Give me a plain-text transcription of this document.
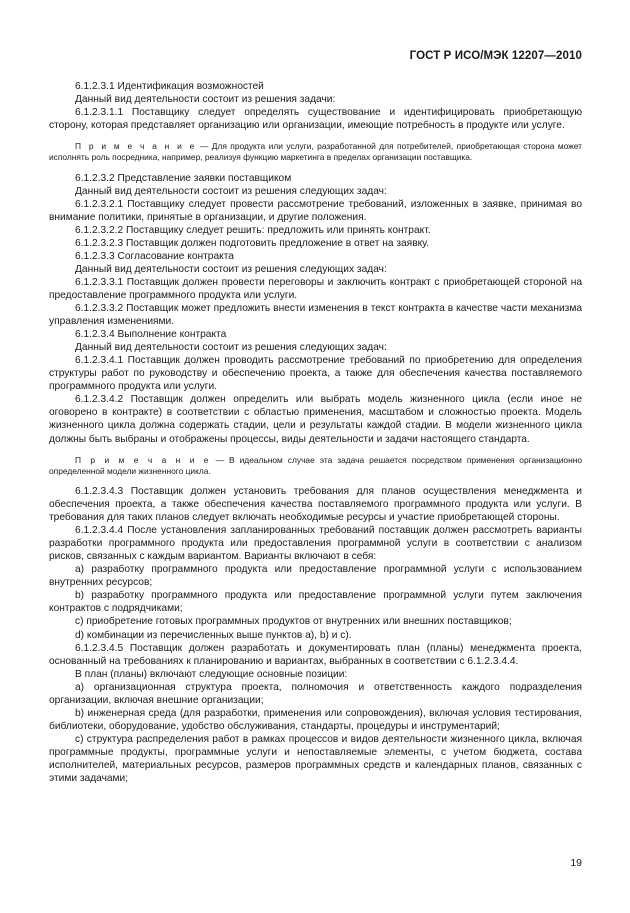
ГОСТ Р ИСО/МЭК 12207—2010

6.1.2.3.1 Идентификация возможностей

Данный вид деятельности состоит из решения задачи:

6.1.2.3.1.1 Поставщику следует определять существование и идентифицировать приобретающую сторону, которая представляет организацию или организации, имеющие потребность в продукте или услуге.

П р и м е ч а н и е — Для продукта или услуги, разработанной для потребителей, приобретающая сторона может исполнять роль посредника, например, реализуя функцию маркетинга в пределах организации поставщика.

6.1.2.3.2 Представление заявки поставщиком

Данный вид деятельности состоит из решения следующих задач:

6.1.2.3.2.1 Поставщику следует провести рассмотрение требований, изложенных в заявке, принимая во внимание политики, принятые в организации, и другие положения.

6.1.2.3.2.2 Поставщику следует решить: предложить или принять контракт.

6.1.2.3.2.3 Поставщик должен подготовить предложение в ответ на заявку.

6.1.2.3.3 Согласование контракта

Данный вид деятельности состоит из решения следующих задач:

6.1.2.3.3.1 Поставщик должен провести переговоры и заключить контракт с приобретающей стороной на предоставление программного продукта или услуги.

6.1.2.3.3.2 Поставщик может предложить внести изменения в текст контракта в качестве части механизма управления изменениями.

6.1.2.3.4 Выполнение контракта

Данный вид деятельности состоит из решения следующих задач:

6.1.2.3.4.1 Поставщик должен проводить рассмотрение требований по приобретению для определения структуры работ по руководству и обеспечению проекта, а также для обеспечения качества поставляемого программного продукта или услуги.

6.1.2.3.4.2 Поставщик должен определить или выбрать модель жизненного цикла (если иное не оговорено в контракте) в соответствии с областью применения, масштабом и сложностью проекта. Модель жизненного цикла должна содержать стадии, цели и результаты каждой стадии. В модели жизненного цикла должны быть выбраны и отображены процессы, виды деятельности и задачи настоящего стандарта.

П р и м е ч а н и е — В идеальном случае эта задача решается посредством применения организационно определенной модели жизненного цикла.

6.1.2.3.4.3 Поставщик должен установить требования для планов осуществления менеджмента и обеспечения проекта, а также обеспечения качества поставляемого программного продукта или услуги. В требования для таких планов следует включать необходимые ресурсы и участие приобретающей стороны.

6.1.2.3.4.4 После установления запланированных требований поставщик должен рассмотреть варианты разработки программного продукта или предоставления программной услуги в соответствии с анализом рисков, связанных с каждым вариантом. Варианты включают в себя:

а) разработку программного продукта или предоставление программной услуги с использованием внутренних ресурсов;

b) разработку программного продукта или предоставление программной услуги путем заключения контрактов с подрядчиками;

с) приобретение готовых программных продуктов от внутренних или внешних поставщиков;

d) комбинации из перечисленных выше пунктов а), b) и с).

6.1.2.3.4.5 Поставщик должен разработать и документировать план (планы) менеджмента проекта, основанный на требованиях к планированию и вариантах, выбранных в соответствии с 6.1.2.3.4.4.

В план (планы) включают следующие основные позиции:

а) организационная структура проекта, полномочия и ответственность каждого подразделения организации, включая внешние организации;

b) инженерная среда (для разработки, применения или сопровождения), включая условия тестирования, библиотеки, оборудование, удобство обслуживания, стандарты, процедуры и инструментарий;

с) структура распределения работ в рамках процессов и видов деятельности жизненного цикла, включая программные продукты, программные услуги и непоставляемые элементы, с учетом бюджета, состава исполнителей, материальных ресурсов, размеров программных средств и календарных планов, связанных с этими задачами;

19
